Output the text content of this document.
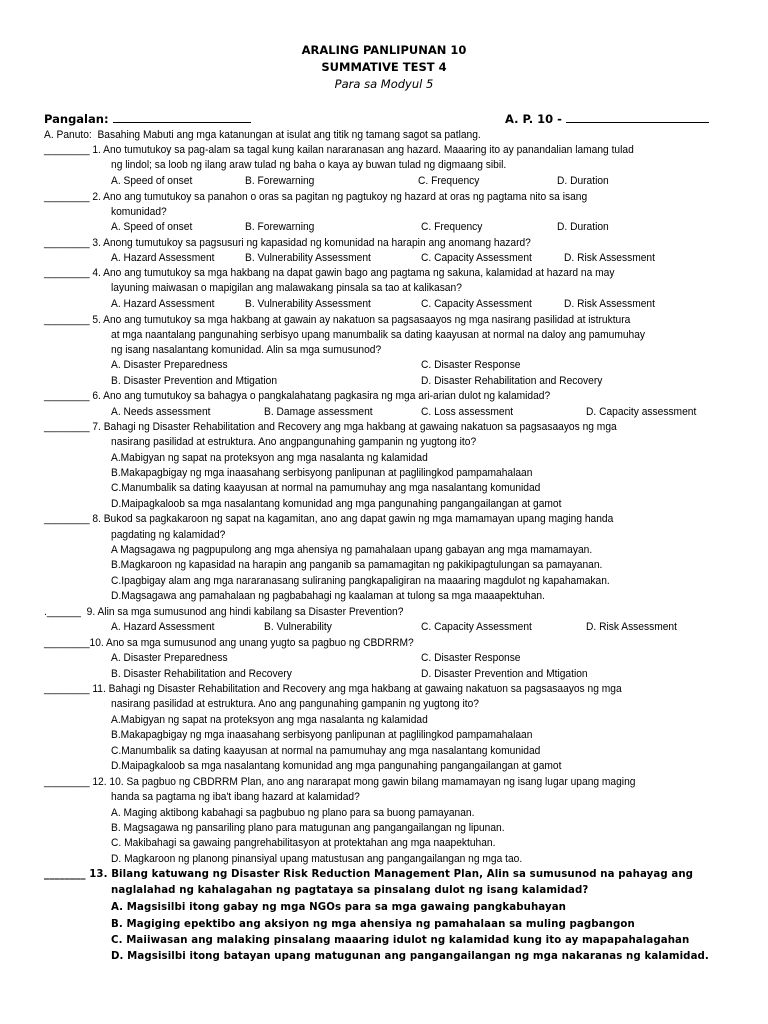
ARALING PANLIPUNAN 10
SUMMATIVE TEST 4
Para sa Modyul 5
Pangalan:	A. P. 10 -
A. Panuto:  Basahing Mabuti ang mga katanungan at isulat ang titik ng tamang sagot sa patlang.
________ 1. Ano tumutukoy sa pag-alam sa tagal kung kailan nararanasan ang hazard. Maaaring ito ay panandalian lamang tulad
ng lindol; sa loob ng ilang araw tulad ng baha o kaya ay buwan tulad ng digmaang sibil.
A. Speed of onset	B. Forewarning	C. Frequency	D. Duration
________ 2. Ano ang tumutukoy sa panahon o oras sa pagitan ng pagtukoy ng hazard at oras ng pagtama nito sa isang
komunidad?
A. Speed of onset	B. Forewarning	C. Frequency	D. Duration
________ 3. Anong tumutukoy sa pagsusuri ng kapasidad ng komunidad na harapin ang anomang hazard?
A. Hazard Assessment	B. Vulnerability Assessment	C. Capacity Assessment	D. Risk Assessment
________ 4. Ano ang tumutukoy sa mga hakbang na dapat gawin bago ang pagtama ng sakuna, kalamidad at hazard na may
layuning maiwasan o mapigilan ang malawakang pinsala sa tao at kalikasan?
A. Hazard Assessment	B. Vulnerability Assessment	C. Capacity Assessment	D. Risk Assessment
________ 5. Ano ang tumutukoy sa mga hakbang at gawain ay nakatuon sa pagsasaayos ng mga nasirang pasilidad at istruktura
at mga naantalang pangunahing serbisyo upang manumbalik sa dating kaayusan at normal na daloy ang pamumuhay
ng isang nasalantang komunidad. Alin sa mga sumusunod?
A. Disaster Preparedness	C. Disaster Response
B. Disaster Prevention and Mtigation	D. Disaster Rehabilitation and Recovery
________ 6. Ano ang tumutukoy sa bahagya o pangkalahatang pagkasira ng mga ari-arian dulot ng kalamidad?
A. Needs assessment	B. Damage assessment	C. Loss assessment	D. Capacity assessment
________ 7. Bahagi ng Disaster Rehabilitation and Recovery ang mga hakbang at gawaing nakatuon sa pagsasaayos ng mga
nasirang pasilidad at estruktura. Ano angpangunahing gampanin ng yugtong ito?
A.Mabigyan ng sapat na proteksyon ang mga nasalanta ng kalamidad
B.Makapagbigay ng mga inaasahang serbisyong panlipunan at paglilingkod pampamahalaan
C.Manumbalik sa dating kaayusan at normal na pamumuhay ang mga nasalantang komunidad
D.Maipagkaloob sa mga nasalantang komunidad ang mga pangunahing pangangailangan at gamot
________ 8. Bukod sa pagkakaroon ng sapat na kagamitan, ano ang dapat gawin ng mga mamamayan upang maging handa
pagdating ng kalamidad?
A Magsagawa ng pagpupulong ang mga ahensiya ng pamahalaan upang gabayan ang mga mamamayan.
B.Magkaroon ng kapasidad na harapin ang panganib sa pamamagitan ng pakikipagtulungan sa pamayanan.
C.Ipagbigay alam ang mga nararanasang suliraning pangkapaligiran na maaaring magdulot ng kapahamakan.
D.Magsagawa ang pamahalaan ng pagbabahagi ng kaalaman at tulong sa mga maaapektuhan.
.______  9. Alin sa mga sumusunod ang hindi kabilang sa Disaster Prevention?
A. Hazard Assessment	B. Vulnerability	C. Capacity Assessment	D. Risk Assessment
________10. Ano sa mga sumusunod ang unang yugto sa pagbuo ng CBDRRM?
A. Disaster Preparedness	C. Disaster Response
B. Disaster Rehabilitation and Recovery	D. Disaster Prevention and Mtigation
________ 11. Bahagi ng Disaster Rehabilitation and Recovery ang mga hakbang at gawaing nakatuon sa pagsasaayos ng mga
nasirang pasilidad at estruktura. Ano ang pangunahing gampanin ng yugtong ito?
A.Mabigyan ng sapat na proteksyon ang mga nasalanta ng kalamidad
B.Makapagbigay ng mga inaasahang serbisyong panlipunan at paglilingkod pampamahalaan
C.Manumbalik sa dating kaayusan at normal na pamumuhay ang mga nasalantang komunidad
D.Maipagkaloob sa mga nasalantang komunidad ang mga pangunahing pangangailangan at gamot
________ 12. 10. Sa pagbuo ng CBDRRM Plan, ano ang nararapat mong gawin bilang mamamayan ng isang lugar upang maging
handa sa pagtama ng iba't ibang hazard at kalamidad?
A. Maging aktibong kabahagi sa pagbubuo ng plano para sa buong pamayanan.
B. Magsagawa ng pansariling plano para matugunan ang pangangailangan ng lipunan.
C. Makibahagi sa gawaing pangrehabilitasyon at protektahan ang mga naapektuhan.
D. Magkaroon ng planong pinansiyal upang matustusan ang pangangailangan ng mga tao.
________ 13. Bilang katuwang ng Disaster Risk Reduction Management Plan, Alin sa sumusunod na pahayag ang
naglalahad ng kahalagahan ng pagtataya sa pinsalang dulot ng isang kalamidad?
A. Magsisilbi itong gabay ng mga NGOs para sa mga gawaing pangkabuhayan
B. Magiging epektibo ang aksiyon ng mga ahensiya ng pamahalaan sa muling pagbangon
C. Maiiwasan ang malaking pinsalang maaaring idulot ng kalamidad kung ito ay mapapahalagahan
D. Magsisilbi itong batayan upang matugunan ang pangangailangan ng mga nakaranas ng kalamidad.
